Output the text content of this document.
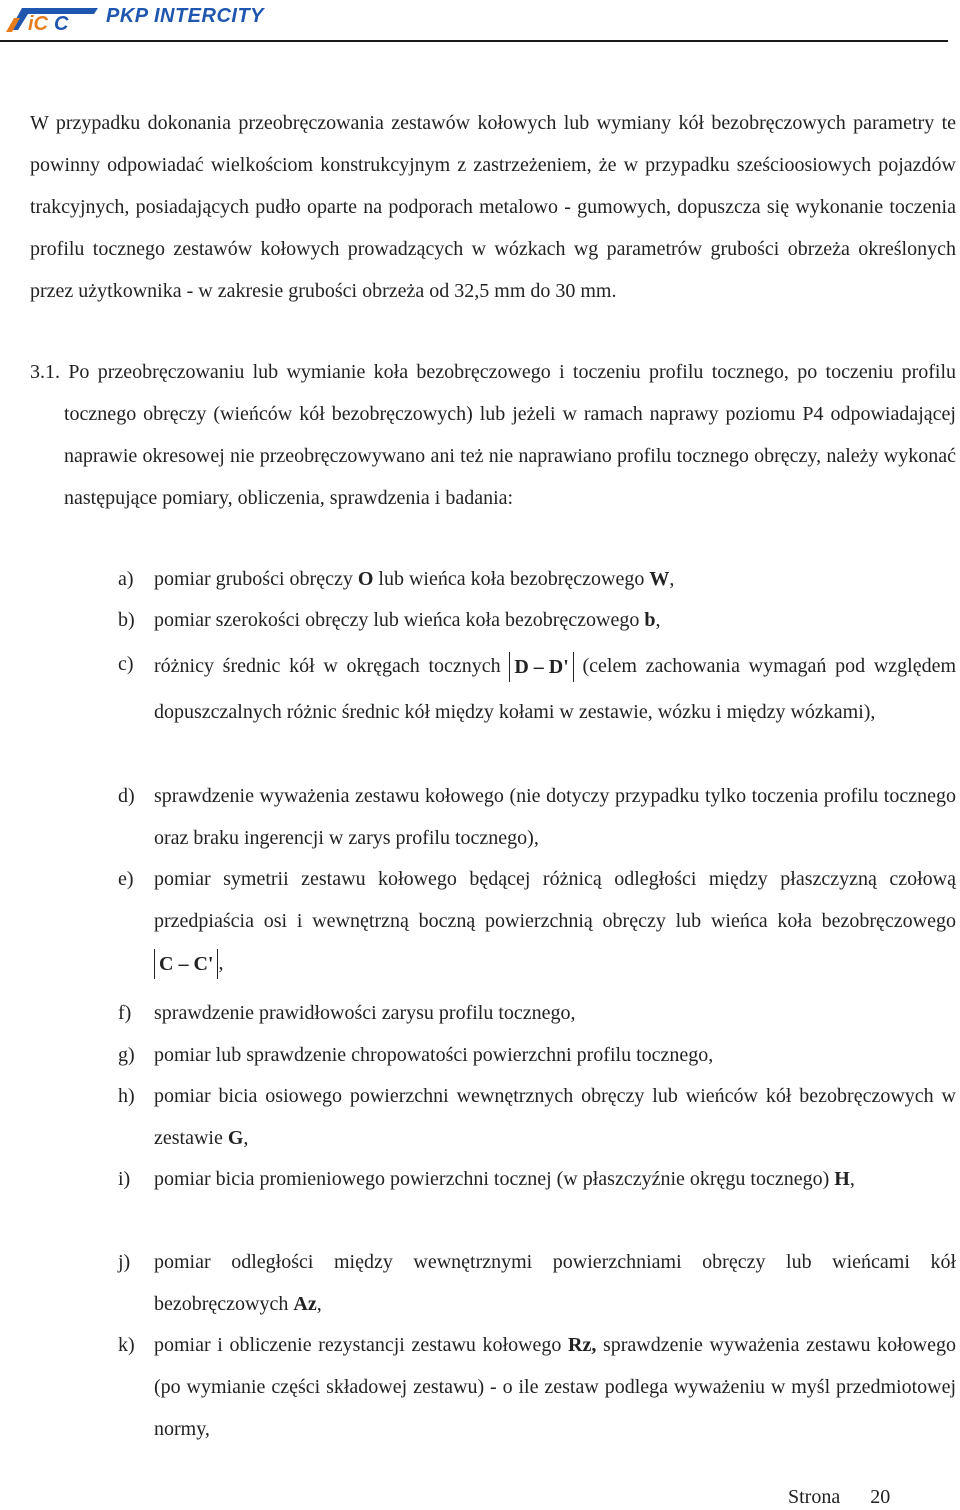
iC C PKP INTERCITY

W przypadku dokonania przeobręczowania zestawów kołowych lub wymiany kół bezobręczowych parametry te powinny odpowiadać wielkościom konstrukcyjnym z zastrzeżeniem, że w przypadku sześcioosiowych pojazdów trakcyjnych, posiadających pudło oparte na podporach metalowo - gumowych, dopuszcza się wykonanie toczenia profilu tocznego zestawów kołowych prowadzących w wózkach wg parametrów grubości obrzeża określonych przez użytkownika - w zakresie grubości obrzeża od 32,5 mm do 30 mm.

3.1. Po przeobręczowaniu lub wymianie koła bezobręczowego i toczeniu profilu tocznego, po toczeniu profilu tocznego obręczy (wieńców kół bezobręczowych) lub jeżeli w ramach naprawy poziomu P4 odpowiadającej naprawie okresowej nie przeobręczowywano ani też nie naprawiano profilu tocznego obręczy, należy wykonać następujące pomiary, obliczenia, sprawdzenia i badania:

a) pomiar grubości obręczy O lub wieńca koła bezobręczowego W,
b) pomiar szerokości obręczy lub wieńca koła bezobręczowego b,
c) różnicy średnic kół w okręgach tocznych D – D' (celem zachowania wymagań pod względem dopuszczalnych różnic średnic kół między kołami w zestawie, wózku i między wózkami),
d) sprawdzenie wyważenia zestawu kołowego (nie dotyczy przypadku tylko toczenia profilu tocznego oraz braku ingerencji w zarys profilu tocznego),
e) pomiar symetrii zestawu kołowego będącej różnicą odległości między płaszczyzną czołową przedpiaścia osi i wewnętrzną boczną powierzchnią obręczy lub wieńca koła bezobręczowego C – C' ,
f) sprawdzenie prawidłowości zarysu profilu tocznego,
g) pomiar lub sprawdzenie chropowatości powierzchni profilu tocznego,
h) pomiar bicia osiowego powierzchni wewnętrznych obręczy lub wieńców kół bezobręczowych w zestawie G,
i) pomiar bicia promieniowego powierzchni tocznej (w płaszczyźnie okręgu tocznego) H,
j) pomiar odległości między wewnętrznymi powierzchniami obręczy lub wieńcami kół bezobręczowych Az,
k) pomiar i obliczenie rezystancji zestawu kołowego Rz, sprawdzenie wyważenia zestawu kołowego (po wymianie części składowej zestawu) - o ile zestaw podlega wyważeniu w myśl przedmiotowej normy,
Strona 20
